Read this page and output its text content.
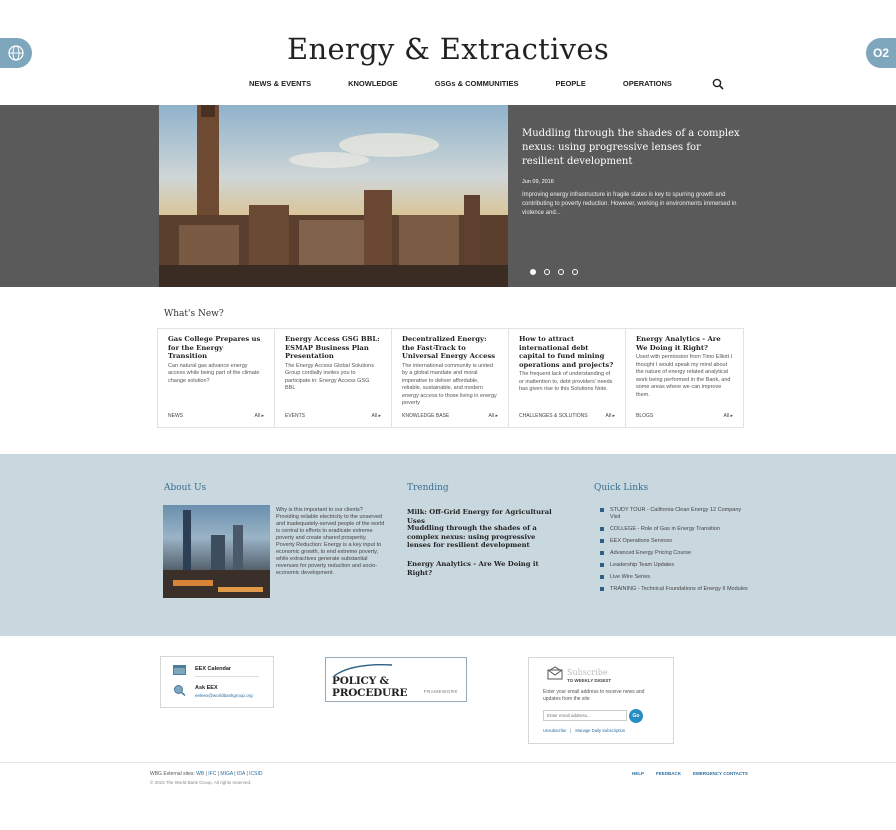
O2
Energy & Extractives
NEWS & EVENTS	KNOWLEDGE	GSGs & COMMUNITIES	PEOPLE	OPERATIONS
Muddling through the shades of a complex nexus: using progressive lenses for resilient development
Jun 09, 2016
Improving energy infrastructure in fragile states is key to spurring growth and contributing to poverty reduction. However, working in environments immersed in violence and...
What's New?
Gas College Prepares us for the Energy Transition
Can natural gas advance energy access while being part of the climate change solution?
NEWS	All ▸
Energy Access GSG BBL: ESMAP Business Plan Presentation
The Energy Access Global Solutions Group cordially invites you to participate in: Energy Access GSG BBL
EVENTS	All ▸
Decentralized Energy: the Fast-Track to Universal Energy Access
The international community is united by a global mandate and moral imperative to deliver affordable, reliable, sustainable, and modern energy access to those living in energy poverty
KNOWLEDGE BASE	All ▸
How to attract international debt capital to fund mining operations and projects?
The frequent lack of understanding of or inattention to, debt providers' needs has given rise to this Solutions Note.
CHALLENGES & SOLUTIONS	All ▸
Energy Analytics - Are We Doing it Right?
Used with permission from Timo Elliott I thought I would speak my mind about the nature of energy related analytical work being performed in the Bank, and some areas where we can improve them.
BLOGS	All ▸
About Us
Why is this important to our clients? Providing reliable electricity to the unserved and inadequately-served people of the world is central to efforts to eradicate extreme poverty and create shared prosperity. Poverty Reduction: Energy is a key input to economic growth, to end extreme poverty, while extractives generate substantial revenues for poverty reduction and socio-economic development.
Trending
Milk: Off-Grid Energy for Agricultural Uses
Muddling through the shades of a complex nexus: using progressive lenses for resilient development
Energy Analytics - Are We Doing it Right?
Quick Links
STUDY TOUR - California Clean Energy 12 Company Visit
COLLEGE - Role of Gas in Energy Transition
EEX Operations Services
Advanced Energy Pricing Course
Leadership Team Updates
Live Wire Series
TRAINING - Technical Foundations of Energy II Modules
EEX Calendar
Ask EEX
eeleex@worldbankgroup.org
POLICY & PROCEDURE	FRAMEWORK
Subscribe
TO WEEKLY DIGEST
Enter your email address to receive news and updates from the site
Enter email address...
Go
Unsubscribe | Manage Daily Subscription
WBG External sites: WB | IFC | MIGA | IDA | ICSID
© 2015 The World Bank Group, All rights reserved.
HELP	FEEDBACK	EMERGENCY CONTACTS
